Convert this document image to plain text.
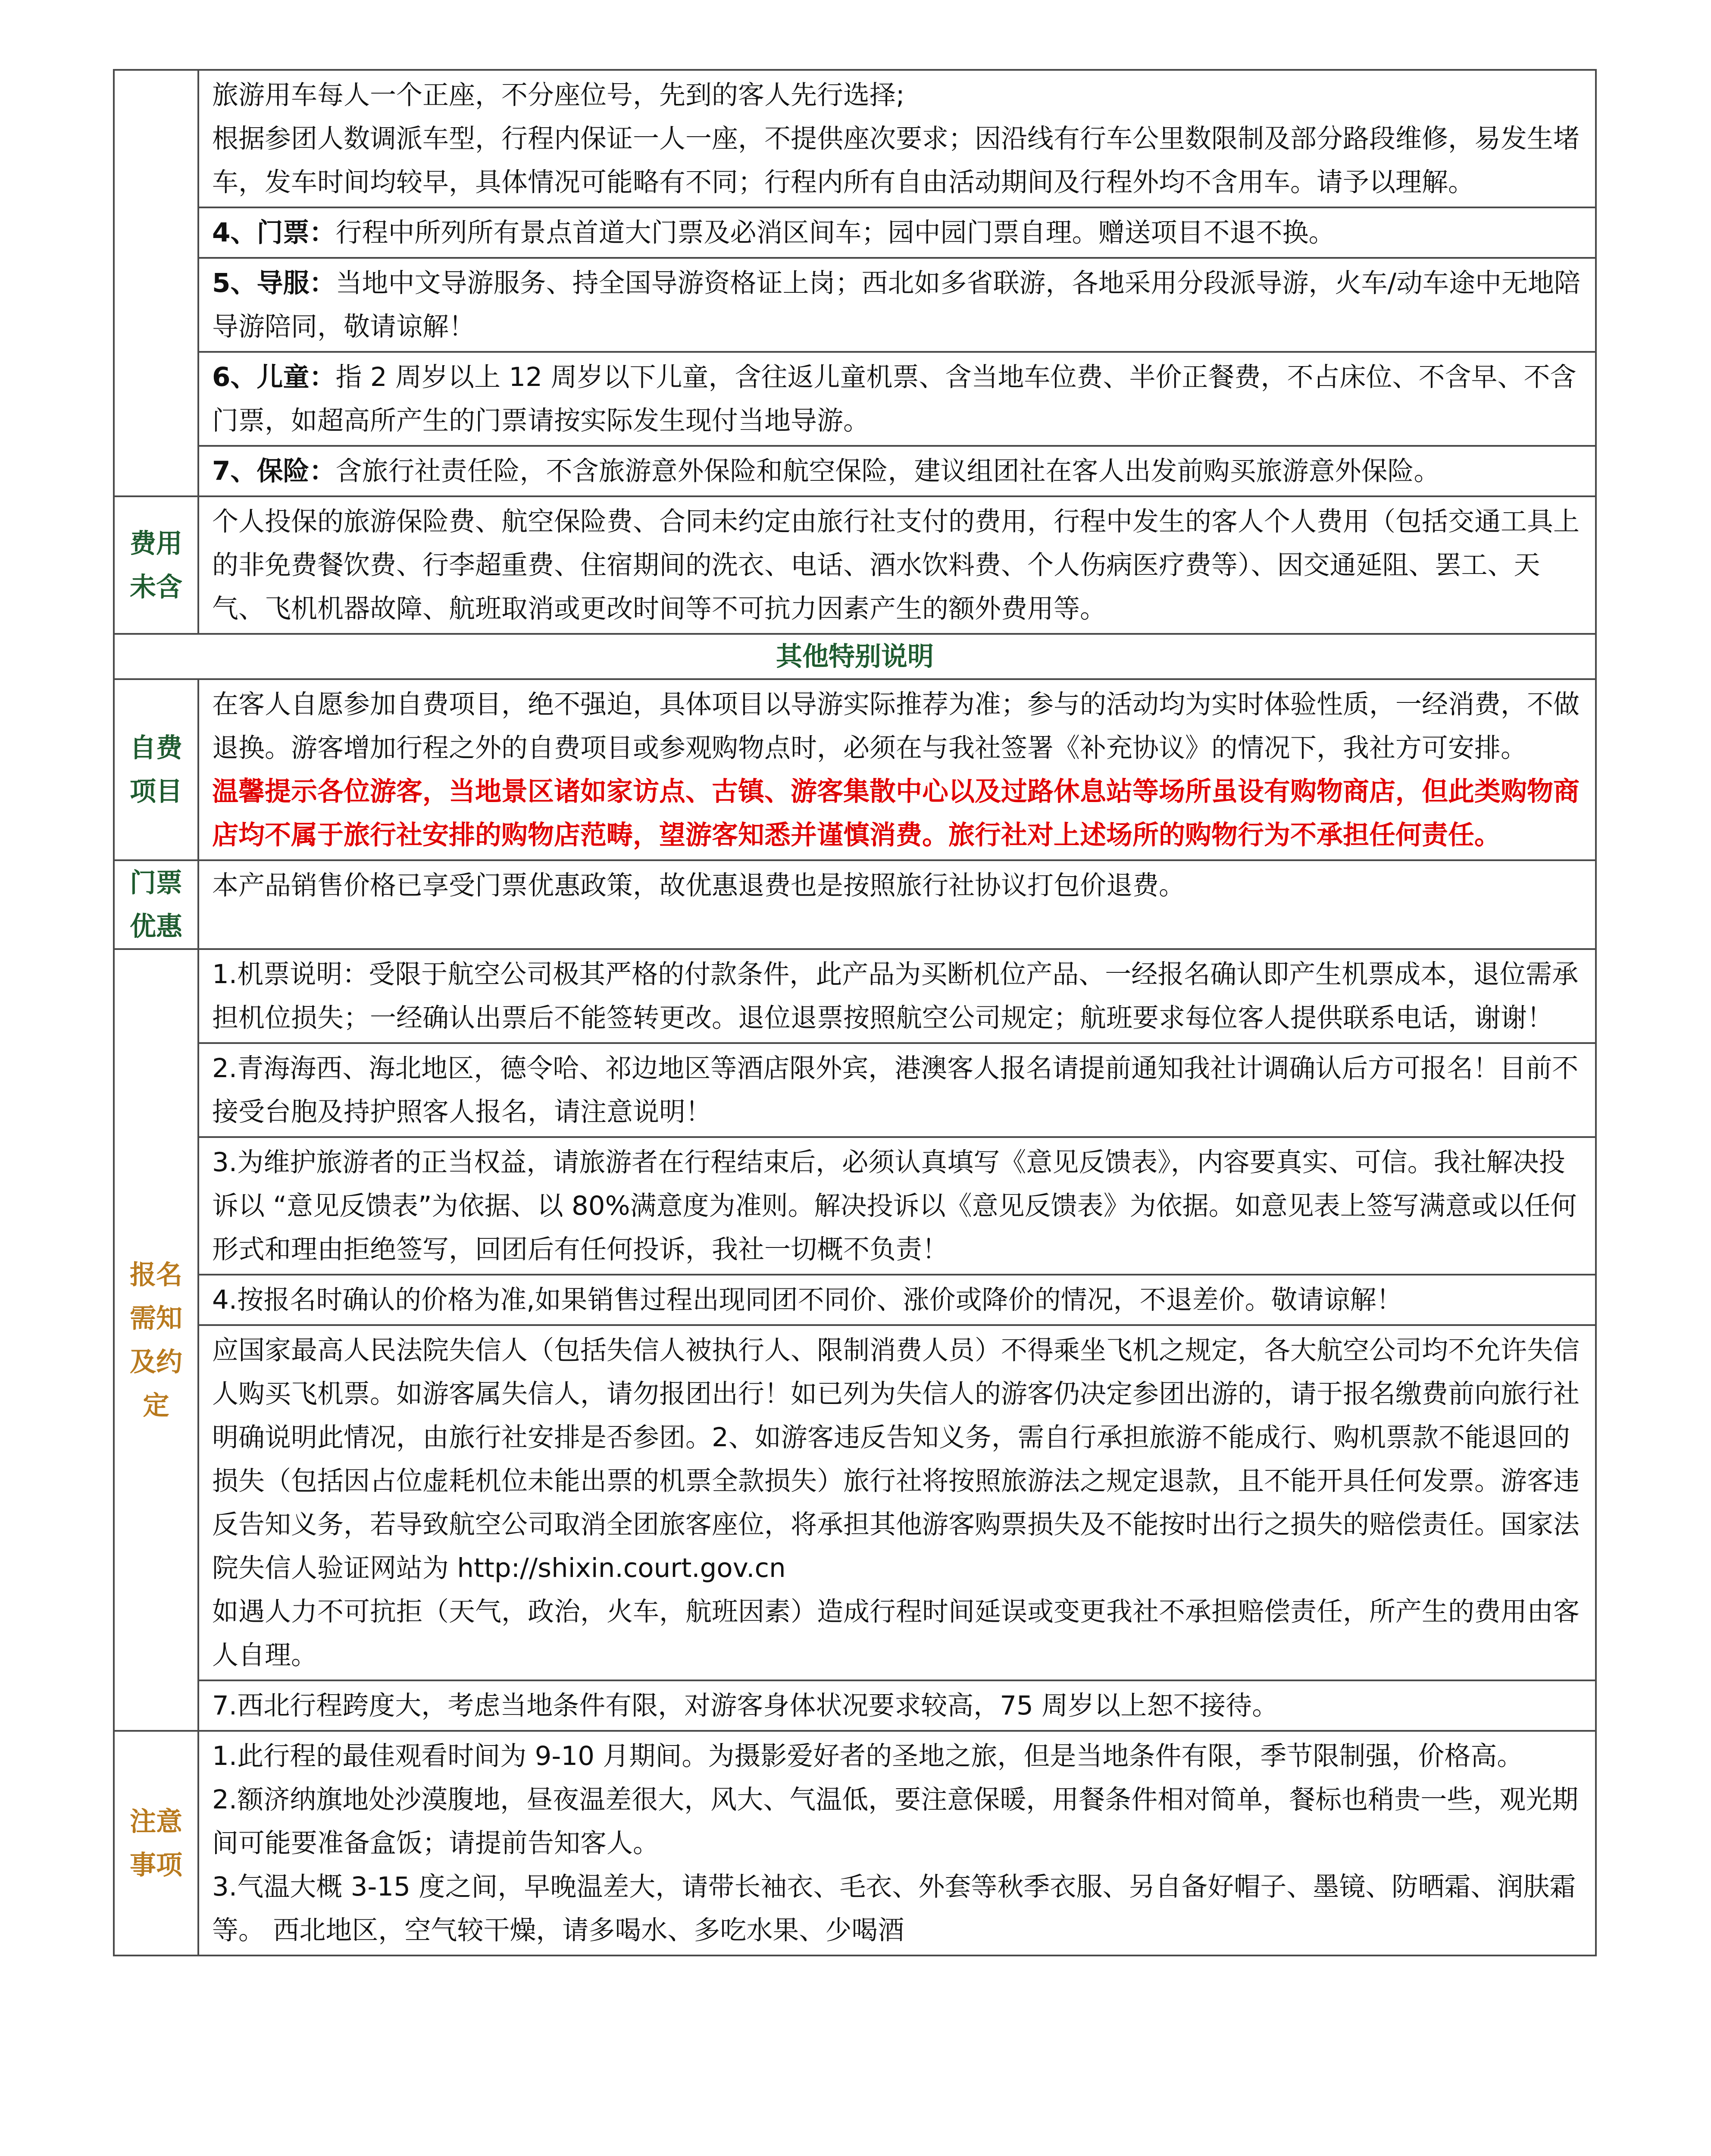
	旅游用车每人一个正座，不分座位号，先到的客人先行选择;
根据参团人数调派车型，行程内保证一人一座，不提供座次要求；因沿线有行车公里数限制及部分路段维修，易发生堵车，发车时间均较早，具体情况可能略有不同；行程内所有自由活动期间及行程外均不含用车。请予以理解。

	4、门票：行程中所列所有景点首道大门票及必消区间车；园中园门票自理。赠送项目不退不换。
	5、导服：当地中文导游服务、持全国导游资格证上岗；西北如多省联游，各地采用分段派导游，火车/动车途中无地陪导游陪同，敬请谅解！
	6、儿童：指 2 周岁以上 12 周岁以下儿童，含往返儿童机票、含当地车位费、半价正餐费，不占床位、不含早、不含门票，如超高所产生的门票请按实际发生现付当地导游。
	7、保险：含旅行社责任险，不含旅游意外保险和航空保险，建议组团社在客人出发前购买旅游意外保险。
费用未含	个人投保的旅游保险费、航空保险费、合同未约定由旅行社支付的费用，行程中发生的客人个人费用（包括交通工具上的非免费餐饮费、行李超重费、住宿期间的洗衣、电话、酒水饮料费、个人伤病医疗费等）、因交通延阻、罢工、天气、飞机机器故障、航班取消或更改时间等不可抗力因素产生的额外费用等。
其他特别说明	
自费项目	在客人自愿参加自费项目，绝不强迫，具体项目以导游实际推荐为准；参与的活动均为实时体验性质，一经消费，不做退换。游客增加行程之外的自费项目或参观购物点时，必须在与我社签署《补充协议》的情况下，我社方可安排。
温馨提示各位游客，当地景区诸如家访点、古镇、游客集散中心以及过路休息站等场所虽设有购物商店，但此类购物商店均不属于旅行社安排的购物店范畴，望游客知悉并谨慎消费。旅行社对上述场所的购物行为不承担任何责任。

门票优惠	本产品销售价格已享受门票优惠政策，故优惠退费也是按照旅行社协议打包价退费。
报名需知及约定	1.机票说明：受限于航空公司极其严格的付款条件，此产品为买断机位产品、一经报名确认即产生机票成本，退位需承担机位损失；一经确认出票后不能签转更改。退位退票按照航空公司规定；航班要求每位客人提供联系电话，谢谢！
	2.青海海西、海北地区，德令哈、祁边地区等酒店限外宾，港澳客人报名请提前通知我社计调确认后方可报名！目前不接受台胞及持护照客人报名，请注意说明！
	3.为维护旅游者的正当权益，请旅游者在行程结束后，必须认真填写《意见反馈表》，内容要真实、可信。我社解决投诉以 “意见反馈表”为依据、以 80%满意度为准则。解决投诉以《意见反馈表》为依据。如意见表上签写满意或以任何形式和理由拒绝签写，回团后有任何投诉，我社一切概不负责！
	4.按报名时确认的价格为准,如果销售过程出现同团不同价、涨价或降价的情况，不退差价。敬请谅解！

	应国家最高人民法院失信人（包括失信人被执行人、限制消费人员）不得乘坐飞机之规定，各大航空公司均不允许失信人购买飞机票。如游客属失信人，请勿报团出行！如已列为失信人的游客仍决定参团出游的，请于报名缴费前向旅行社明确说明此情况，由旅行社安排是否参团。2、如游客违反告知义务，需自行承担旅游不能成行、购机票款不能退回的损失（包括因占位虚耗机位未能出票的机票全款损失）旅行社将按照旅游法之规定退款，且不能开具任何发票。游客违反告知义务，若导致航空公司取消全团旅客座位，将承担其他游客购票损失及不能按时出行之损失的赔偿责任。国家法院失信人验证网站为 http://shixin.court.gov.cn
如遇人力不可抗拒（天气，政治，火车，航班因素）造成行程时间延误或变更我社不承担赔偿责任，所产生的费用由客人自理。

	7.西北行程跨度大，考虑当地条件有限，对游客身体状况要求较高，75 周岁以上恕不接待。
注意事项	1.此行程的最佳观看时间为 9-10 月期间。为摄影爱好者的圣地之旅，但是当地条件有限，季节限制强，价格高。
2.额济纳旗地处沙漠腹地，昼夜温差很大，风大、气温低，要注意保暖，用餐条件相对简单，餐标也稍贵一些，观光期间可能要准备盒饭；请提前告知客人。
3.气温大概 3-15 度之间，早晚温差大，请带长袖衣、毛衣、外套等秋季衣服、另自备好帽子、墨镜、防晒霜、润肤霜等。 西北地区，空气较干燥，请多喝水、多吃水果、少喝酒
